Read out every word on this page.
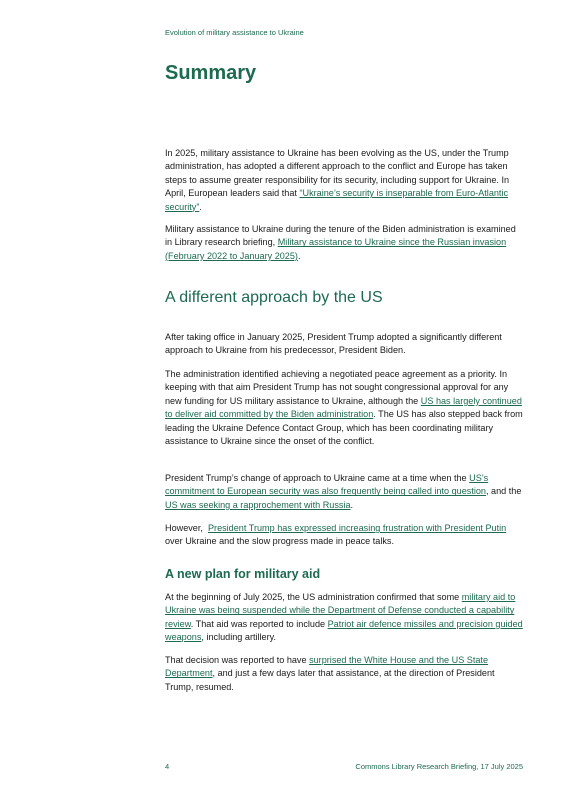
Evolution of military assistance to Ukraine
Summary

In 2025, military assistance to Ukraine has been evolving as the US, under the Trump administration, has adopted a different approach to the conflict and Europe has taken steps to assume greater responsibility for its security, including support for Ukraine. In April, European leaders said that “Ukraine’s security is inseparable from Euro-Atlantic security”.

Military assistance to Ukraine during the tenure of the Biden administration is examined in Library research briefing, Military assistance to Ukraine since the Russian invasion (February 2022 to January 2025).

A different approach by the US

After taking office in January 2025, President Trump adopted a significantly different approach to Ukraine from his predecessor, President Biden.

The administration identified achieving a negotiated peace agreement as a priority. In keeping with that aim President Trump has not sought congressional approval for any new funding for US military assistance to Ukraine, although the US has largely continued to deliver aid committed by the Biden administration. The US has also stepped back from leading the Ukraine Defence Contact Group, which has been coordinating military assistance to Ukraine since the onset of the conflict.

President Trump’s change of approach to Ukraine came at a time when the US’s commitment to European security was also frequently being called into question, and the US was seeking a rapprochement with Russia.

However,  President Trump has expressed increasing frustration with President Putin over Ukraine and the slow progress made in peace talks.

A new plan for military aid

At the beginning of July 2025, the US administration confirmed that some military aid to Ukraine was being suspended while the Department of Defense conducted a capability review. That aid was reported to include Patriot air defence missiles and precision guided weapons, including artillery.

That decision was reported to have surprised the White House and the US State Department, and just a few days later that assistance, at the direction of President Trump, resumed.

4	Commons Library Research Briefing, 17 July 2025
